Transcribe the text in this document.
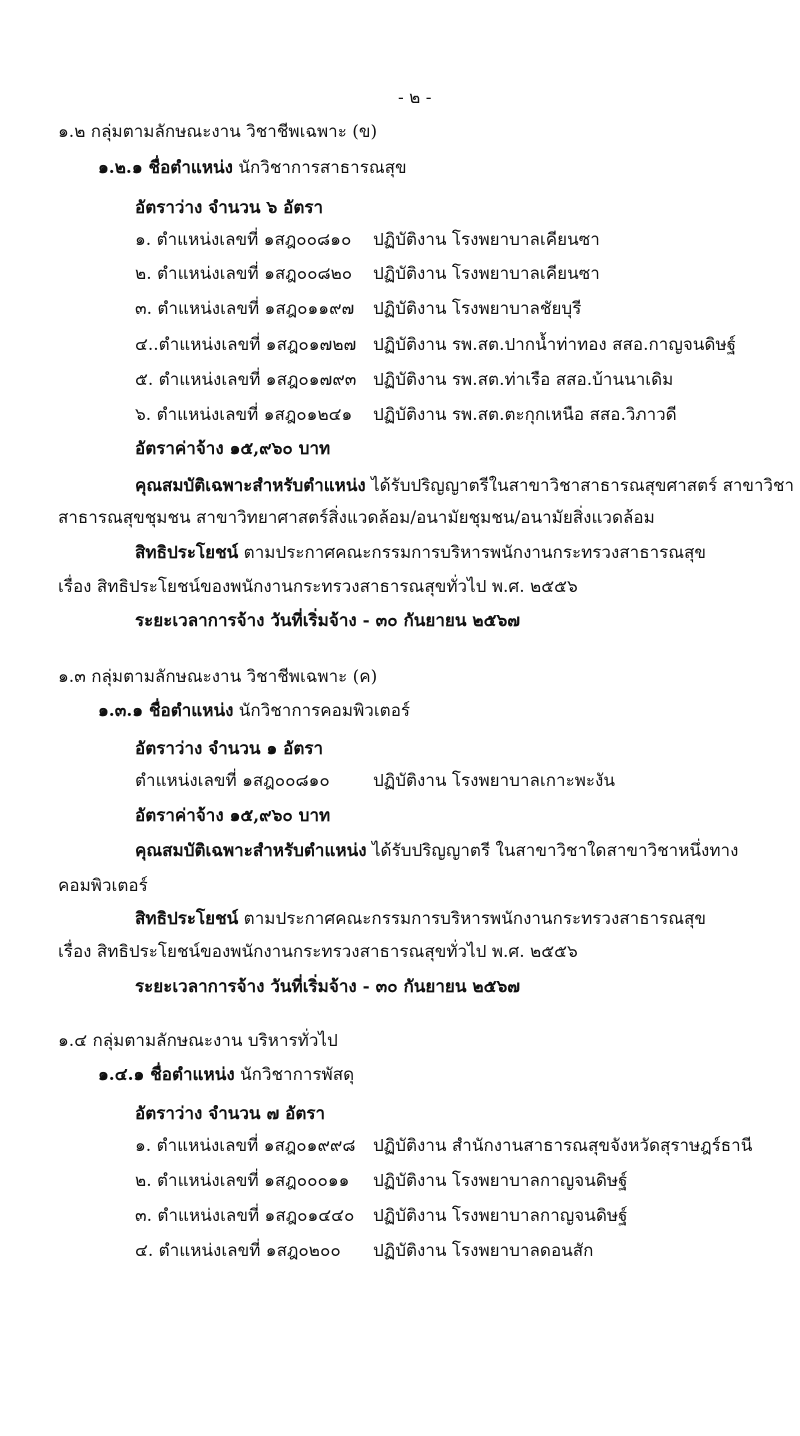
- ๒ -
๑.๒ กลุ่มตามลักษณะงาน วิชาชีพเฉพาะ (ข)
๑.๒.๑ ชื่อตำแหน่ง นักวิชาการสาธารณสุข
อัตราว่าง จำนวน ๖ อัตรา
๑. ตำแหน่งเลขที่ ๑สฎ๐๐๘๑๐ ปฏิบัติงาน โรงพยาบาลเคียนซา
๒. ตำแหน่งเลขที่ ๑สฎ๐๐๘๒๐ ปฏิบัติงาน โรงพยาบาลเคียนซา
๓. ตำแหน่งเลขที่ ๑สฎ๐๑๑๙๗ ปฏิบัติงาน โรงพยาบาลชัยบุรี
๔..ตำแหน่งเลขที่ ๑สฎ๐๑๗๒๗ ปฏิบัติงาน รพ.สต.ปากน้ำท่าทอง สสอ.กาญจนดิษฐ์
๕. ตำแหน่งเลขที่ ๑สฎ๐๑๗๙๓ ปฏิบัติงาน รพ.สต.ท่าเรือ สสอ.บ้านนาเดิม
๖. ตำแหน่งเลขที่ ๑สฎ๐๑๒๔๑ ปฏิบัติงาน รพ.สต.ตะกุกเหนือ สสอ.วิภาวดี
อัตราค่าจ้าง ๑๕,๙๖๐ บาท
คุณสมบัติเฉพาะสำหรับตำแหน่ง ได้รับปริญญาตรีในสาขาวิชาสาธารณสุขศาสตร์ สาขาวิชา
สาธารณสุขชุมชน สาขาวิทยาศาสตร์สิ่งแวดล้อม/อนามัยชุมชน/อนามัยสิ่งแวดล้อม
สิทธิประโยชน์ ตามประกาศคณะกรรมการบริหารพนักงานกระทรวงสาธารณสุข
เรื่อง สิทธิประโยชน์ของพนักงานกระทรวงสาธารณสุขทั่วไป พ.ศ. ๒๕๕๖
ระยะเวลาการจ้าง วันที่เริ่มจ้าง - ๓๐ กันยายน ๒๕๖๗
๑.๓ กลุ่มตามลักษณะงาน วิชาชีพเฉพาะ (ค)
๑.๓.๑ ชื่อตำแหน่ง นักวิชาการคอมพิวเตอร์
อัตราว่าง จำนวน ๑ อัตรา
ตำแหน่งเลขที่ ๑สฎ๐๐๘๑๐	ปฏิบัติงาน โรงพยาบาลเกาะพะงัน
อัตราค่าจ้าง ๑๕,๙๖๐ บาท
คุณสมบัติเฉพาะสำหรับตำแหน่ง ได้รับปริญญาตรี ในสาขาวิชาใดสาขาวิชาหนึ่งทาง
คอมพิวเตอร์
สิทธิประโยชน์ ตามประกาศคณะกรรมการบริหารพนักงานกระทรวงสาธารณสุข
เรื่อง สิทธิประโยชน์ของพนักงานกระทรวงสาธารณสุขทั่วไป พ.ศ. ๒๕๕๖
ระยะเวลาการจ้าง วันที่เริ่มจ้าง - ๓๐ กันยายน ๒๕๖๗
๑.๔ กลุ่มตามลักษณะงาน บริหารทั่วไป
๑.๔.๑ ชื่อตำแหน่ง นักวิชาการพัสดุ
อัตราว่าง จำนวน ๗ อัตรา
๑. ตำแหน่งเลขที่ ๑สฎ๐๑๙๙๘ ปฏิบัติงาน สำนักงานสาธารณสุขจังหวัดสุราษฎร์ธานี
๒. ตำแหน่งเลขที่ ๑สฎ๐๐๐๑๑ ปฏิบัติงาน โรงพยาบาลกาญจนดิษฐ์
๓. ตำแหน่งเลขที่ ๑สฎ๐๑๔๔๐ ปฏิบัติงาน โรงพยาบาลกาญจนดิษฐ์
๔. ตำแหน่งเลขที่ ๑สฎ๐๒๐๐ ปฏิบัติงาน โรงพยาบาลดอนสัก
